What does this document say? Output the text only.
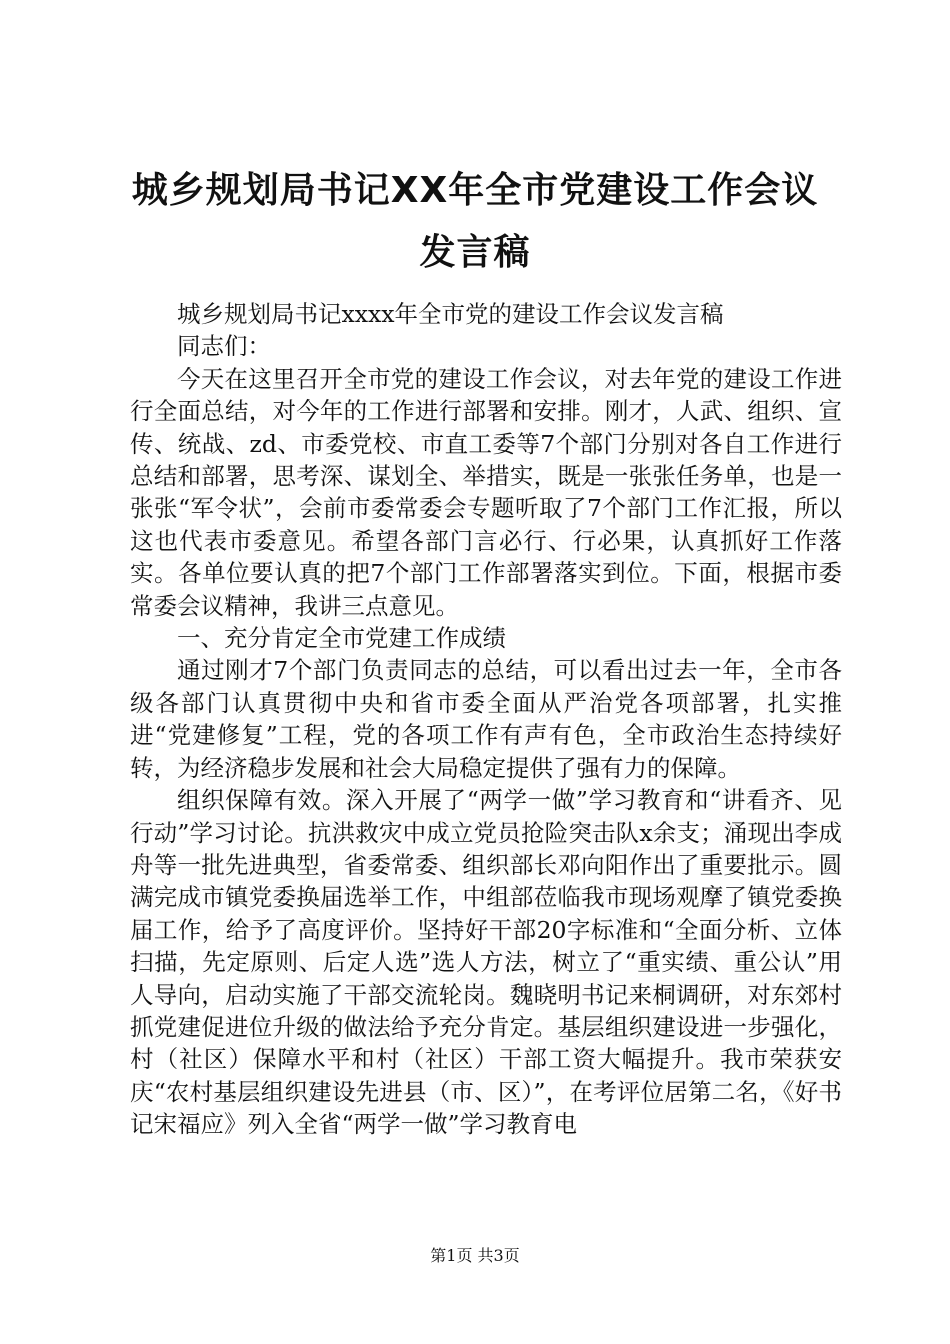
城乡规划局书记XX年全市党建设工作会议发言稿

城乡规划局书记xxxx年全市党的建设工作会议发言稿

同志们：

今天在这里召开全市党的建设工作会议，对去年党的建设工作进行全面总结，对今年的工作进行部署和安排。刚才，人武、组织、宣传、统战、zd、市委党校、市直工委等7个部门分别对各自工作进行总结和部署，思考深、谋划全、举措实，既是一张张任务单，也是一张张“军令状”，会前市委常委会专题听取了7个部门工作汇报，所以这也代表市委意见。希望各部门言必行、行必果，认真抓好工作落实。各单位要认真的把7个部门工作部署落实到位。下面，根据市委常委会议精神，我讲三点意见。

一、充分肯定全市党建工作成绩

通过刚才7个部门负责同志的总结，可以看出过去一年，全市各级各部门认真贯彻中央和省市委全面从严治党各项部署，扎实推进“党建修复”工程，党的各项工作有声有色，全市政治生态持续好转，为经济稳步发展和社会大局稳定提供了强有力的保障。

组织保障有效。深入开展了“两学一做”学习教育和“讲看齐、见行动”学习讨论。抗洪救灾中成立党员抢险突击队x余支；涌现出李成舟等一批先进典型，省委常委、组织部长邓向阳作出了重要批示。圆满完成市镇党委换届选举工作，中组部莅临我市现场观摩了镇党委换届工作，给予了高度评价。坚持好干部20字标准和“全面分析、立体扫描，先定原则、后定人选”选人方法，树立了“重实绩、重公认”用人导向，启动实施了干部交流轮岗。魏晓明书记来桐调研，对东郊村抓党建促进位升级的做法给予充分肯定。基层组织建设进一步强化，村（社区）保障水平和村（社区）干部工资大幅提升。我市荣获安庆“农村基层组织建设先进县（市、区）”，在考评位居第二名，《好书记宋福应》列入全省“两学一做”学习教育电

第1页 共3页
